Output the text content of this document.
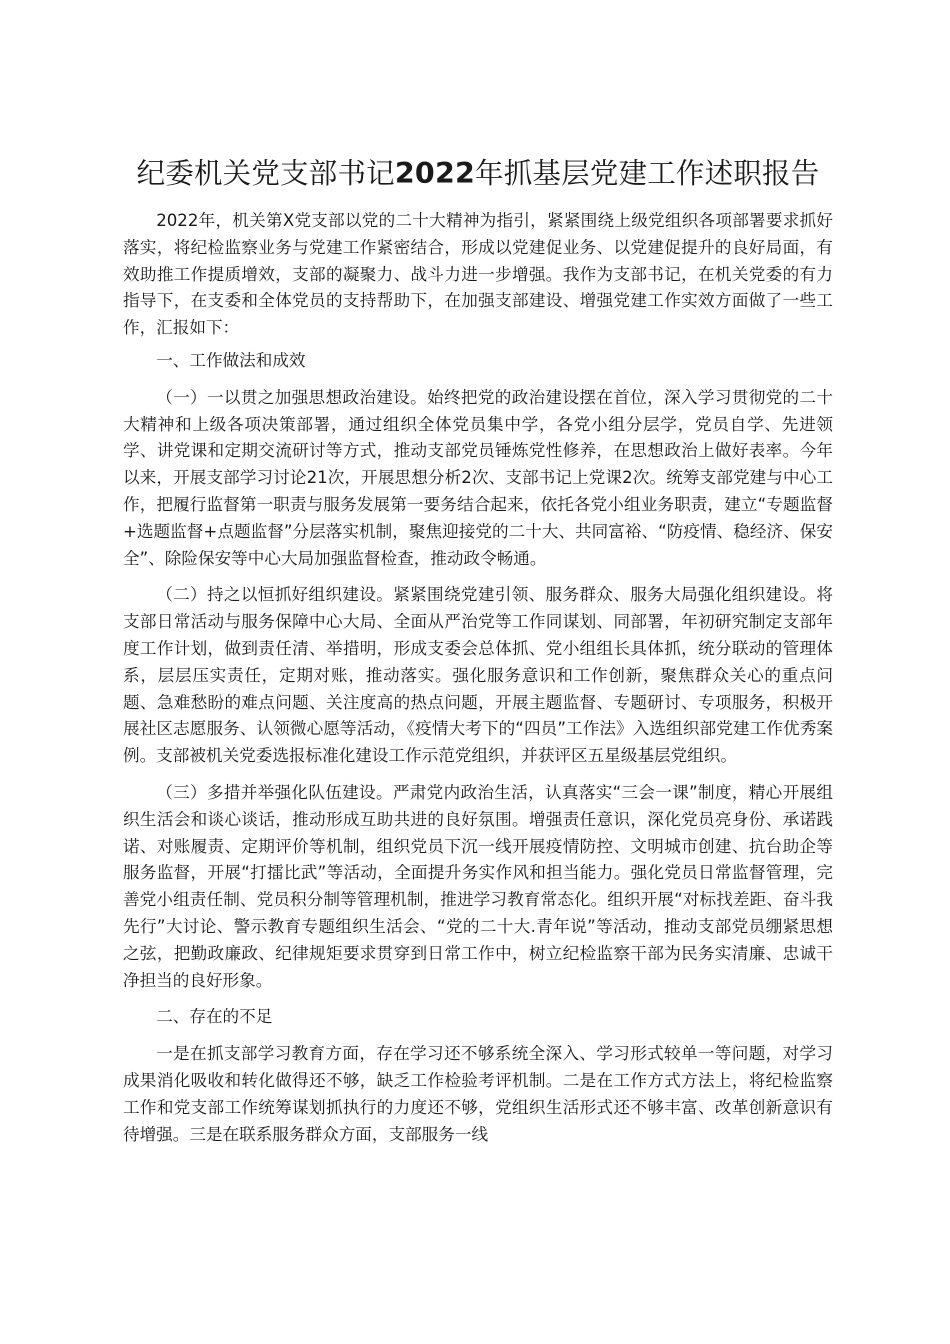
纪委机关党支部书记2022年抓基层党建工作述职报告

2022年，机关第X党支部以党的二十大精神为指引，紧紧围绕上级党组织各项部署要求抓好落实，将纪检监察业务与党建工作紧密结合，形成以党建促业务、以党建促提升的良好局面，有效助推工作提质增效，支部的凝聚力、战斗力进一步增强。我作为支部书记，在机关党委的有力指导下，在支委和全体党员的支持帮助下，在加强支部建设、增强党建工作实效方面做了一些工作，汇报如下：

一、工作做法和成效

（一）一以贯之加强思想政治建设。始终把党的政治建设摆在首位，深入学习贯彻党的二十大精神和上级各项决策部署，通过组织全体党员集中学，各党小组分层学，党员自学、先进领学、讲党课和定期交流研讨等方式，推动支部党员锤炼党性修养，在思想政治上做好表率。今年以来，开展支部学习讨论21次，开展思想分析2次、支部书记上党课2次。统筹支部党建与中心工作，把履行监督第一职责与服务发展第一要务结合起来，依托各党小组业务职责，建立“专题监督+选题监督+点题监督”分层落实机制，聚焦迎接党的二十大、共同富裕、“防疫情、稳经济、保安全”、除险保安等中心大局加强监督检查，推动政令畅通。

（二）持之以恒抓好组织建设。紧紧围绕党建引领、服务群众、服务大局强化组织建设。将支部日常活动与服务保障中心大局、全面从严治党等工作同谋划、同部署，年初研究制定支部年度工作计划，做到责任清、举措明，形成支委会总体抓、党小组组长具体抓，统分联动的管理体系，层层压实责任，定期对账，推动落实。强化服务意识和工作创新，聚焦群众关心的重点问题、急难愁盼的难点问题、关注度高的热点问题，开展主题监督、专题研讨、专项服务，积极开展社区志愿服务、认领微心愿等活动，《疫情大考下的“四员”工作法》入选组织部党建工作优秀案例。支部被机关党委选报标准化建设工作示范党组织，并获评区五星级基层党组织。

（三）多措并举强化队伍建设。严肃党内政治生活，认真落实“三会一课”制度，精心开展组织生活会和谈心谈话，推动形成互助共进的良好氛围。增强责任意识，深化党员亮身份、承诺践诺、对账履责、定期评价等机制，组织党员下沉一线开展疫情防控、文明城市创建、抗台助企等服务监督，开展“打擂比武”等活动，全面提升务实作风和担当能力。强化党员日常监督管理，完善党小组责任制、党员积分制等管理机制，推进学习教育常态化。组织开展“对标找差距、奋斗我先行”大讨论、警示教育专题组织生活会、“党的二十大.青年说”等活动，推动支部党员绷紧思想之弦，把勤政廉政、纪律规矩要求贯穿到日常工作中，树立纪检监察干部为民务实清廉、忠诚干净担当的良好形象。

二、存在的不足

一是在抓支部学习教育方面，存在学习还不够系统全深入、学习形式较单一等问题，对学习成果消化吸收和转化做得还不够，缺乏工作检验考评机制。二是在工作方式方法上，将纪检监察工作和党支部工作统筹谋划抓执行的力度还不够，党组织生活形式还不够丰富、改革创新意识有待增强。三是在联系服务群众方面，支部服务一线
